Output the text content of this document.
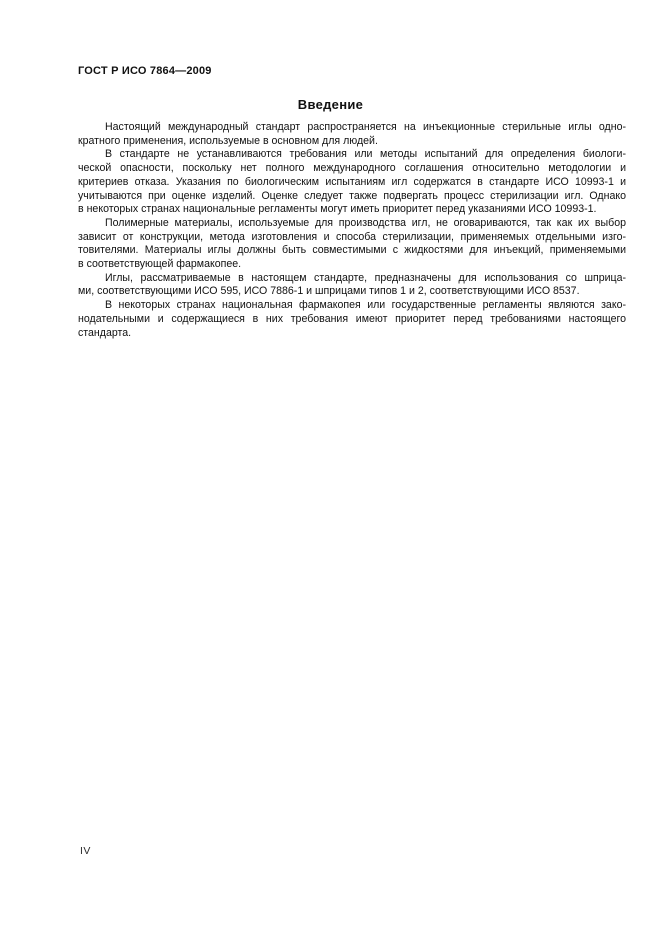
ГОСТ Р ИСО 7864—2009
Введение
Настоящий международный стандарт распространяется на инъекционные стерильные иглы одно-
кратного применения, используемые в основном для людей.
В стандарте не устанавливаются требования или методы испытаний для определения биологи-
ческой опасности, поскольку нет полного международного соглашения относительно методологии и
критериев отказа. Указания по биологическим испытаниям игл содержатся в стандарте ИСО 10993-1 и
учитываются при оценке изделий. Оценке следует также подвергать процесс стерилизации игл. Однако
в некоторых странах национальные регламенты могут иметь приоритет перед указаниями ИСО 10993-1.
Полимерные материалы, используемые для производства игл, не оговариваются, так как их выбор
зависит от конструкции, метода изготовления и способа стерилизации, применяемых отдельными изго-
товителями. Материалы иглы должны быть совместимыми с жидкостями для инъекций, применяемыми
в соответствующей фармакопее.
Иглы, рассматриваемые в настоящем стандарте, предназначены для использования со шприца-
ми, соответствующими ИСО 595, ИСО 7886-1 и шприцами типов 1 и 2, соответствующими ИСО 8537.
В некоторых странах национальная фармакопея или государственные регламенты являются зако-
нодательными и содержащиеся в них требования имеют приоритет перед требованиями настоящего
стандарта.
IV
